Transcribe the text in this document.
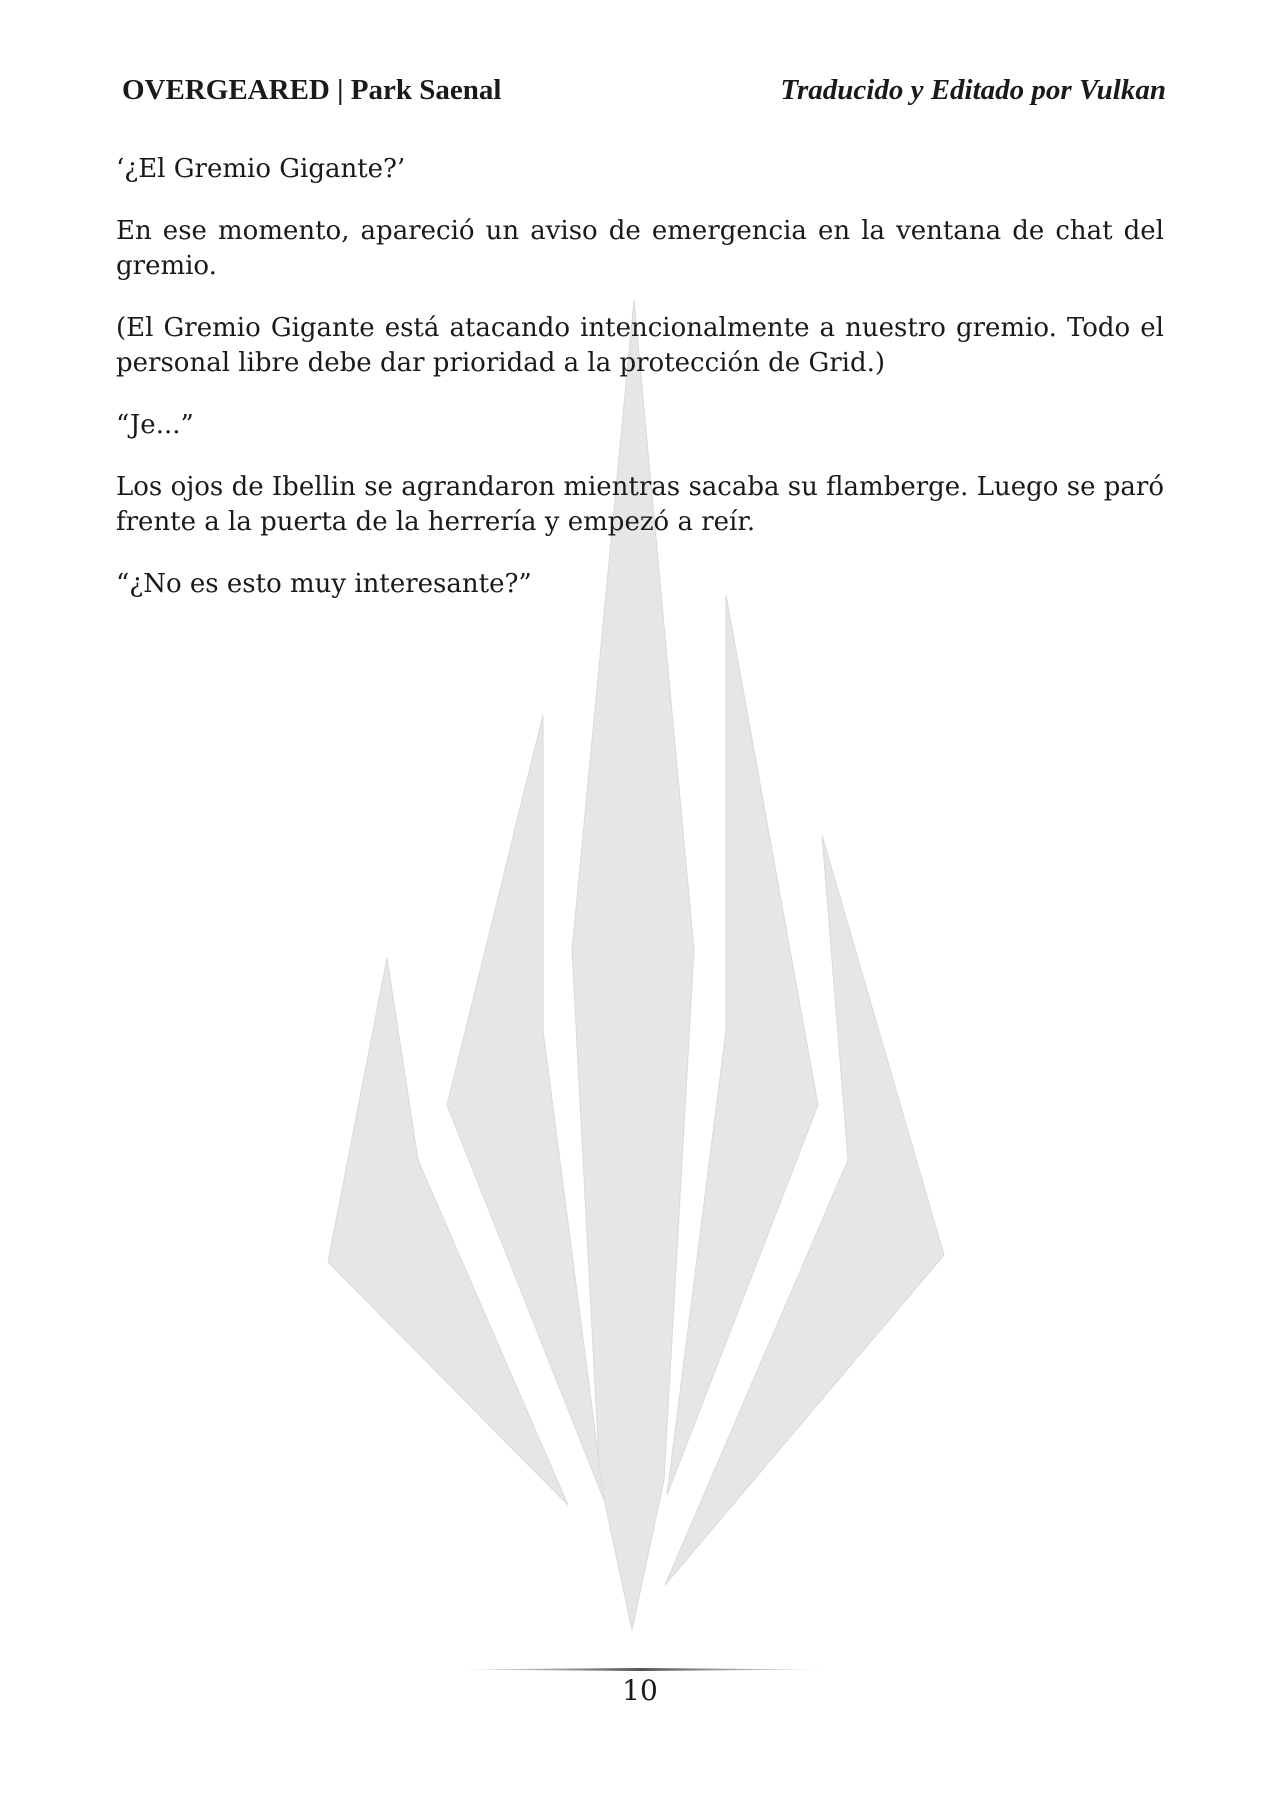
OVERGEARED | Park Saenal	Traducido y Editado por Vulkan

‘¿El Gremio Gigante?’

En ese momento, apareció un aviso de emergencia en la ventana de chat del gremio.

(El Gremio Gigante está atacando intencionalmente a nuestro gremio. Todo el personal libre debe dar prioridad a la protección de Grid.)

“Je...”

Los ojos de Ibellin se agrandaron mientras sacaba su flamberge. Luego se paró frente a la puerta de la herrería y empezó a reír.

“¿No es esto muy interesante?”

10
